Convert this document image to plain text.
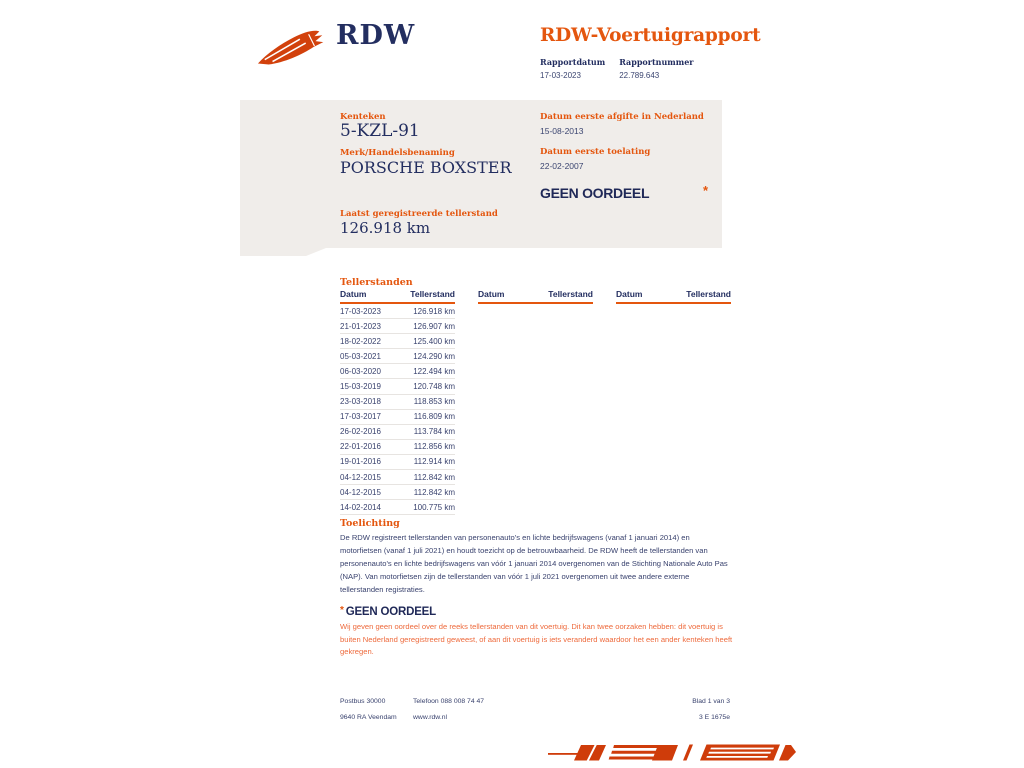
RDW	RDW-Voertuigrapport
Rapportdatum
17-03-2023
Rapportnummer
22.789.643
Kenteken
5-KZL-91
Merk/Handelsbenaming
PORSCHE BOXSTER
Laatst geregistreerde tellerstand
126.918 km
Datum eerste afgifte in Nederland
15-08-2013
Datum eerste toelating
22-02-2007
GEEN OORDEEL	*
Tellerstanden
Datum	Tellerstand
17-03-2023	126.918 km
21-01-2023	126.907 km
18-02-2022	125.400 km
05-03-2021	124.290 km
06-03-2020	122.494 km
15-03-2019	120.748 km
23-03-2018	118.853 km
17-03-2017	116.809 km
26-02-2016	113.784 km
22-01-2016	112.856 km
19-01-2016	112.914 km
04-12-2015	112.842 km
04-12-2015	112.842 km
14-02-2014	100.775 km
Datum	Tellerstand	Datum	Tellerstand
Toelichting
De RDW registreert tellerstanden van personenauto's en lichte bedrijfswagens (vanaf 1 januari 2014) en motorfietsen (vanaf 1 juli 2021) en houdt toezicht op de betrouwbaarheid. De RDW heeft de tellerstanden van personenauto's en lichte bedrijfswagens van vóór 1 januari 2014 overgenomen van de Stichting Nationale Auto Pas (NAP). Van motorfietsen zijn de tellerstanden van vóór 1 juli 2021 overgenomen uit twee andere externe tellerstanden registraties.
* GEEN OORDEEL
Wij geven geen oordeel over de reeks tellerstanden van dit voertuig. Dit kan twee oorzaken hebben: dit voertuig is buiten Nederland geregistreerd geweest, of aan dit voertuig is iets veranderd waardoor het een ander kenteken heeft gekregen.
Postbus 30000
9640 RA Veendam
Telefoon 088 008 74 47
www.rdw.nl
Blad 1 van 3
3 E 1675e
